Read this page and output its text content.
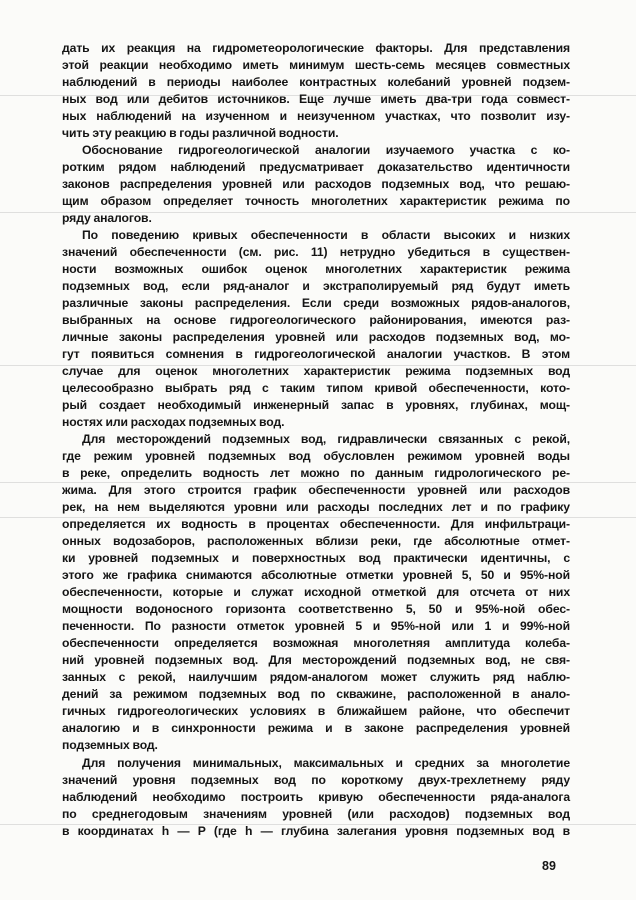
дать их реакция на гидрометеорологические факторы. Для представления
этой реакции необходимо иметь минимум шесть-семь месяцев совместных
наблюдений в периоды наиболее контрастных колебаний уровней подзем-
ных вод или дебитов источников. Еще лучше иметь два-три года совмест-
ных наблюдений на изученном и неизученном участках, что позволит изу-
чить эту реакцию в годы различной водности.
Обоснование гидрогеологической аналогии изучаемого участка с ко-
ротким рядом наблюдений предусматривает доказательство идентичности
законов распределения уровней или расходов подземных вод, что решаю-
щим образом определяет точность многолетних характеристик режима по
ряду аналогов.
По поведению кривых обеспеченности в области высоких и низких
значений обеспеченности (см. рис. 11) нетрудно убедиться в существен-
ности возможных ошибок оценок многолетних характеристик режима
подземных вод, если ряд-аналог и экстраполируемый ряд будут иметь
различные законы распределения. Если среди возможных рядов-аналогов,
выбранных на основе гидрогеологического районирования, имеются раз-
личные законы распределения уровней или расходов подземных вод, мо-
гут появиться сомнения в гидрогеологической аналогии участков. В этом
случае для оценок многолетних характеристик режима подземных вод
целесообразно выбрать ряд с таким типом кривой обеспеченности, кото-
рый создает необходимый инженерный запас в уровнях, глубинах, мощ-
ностях или расходах подземных вод.
Для месторождений подземных вод, гидравлически связанных с рекой,
где режим уровней подземных вод обусловлен режимом уровней воды
в реке, определить водность лет можно по данным гидрологического ре-
жима. Для этого строится график обеспеченности уровней или расходов
рек, на нем выделяются уровни или расходы последних лет и по графику
определяется их водность в процентах обеспеченности. Для инфильтраци-
онных водозаборов, расположенных вблизи реки, где абсолютные отмет-
ки уровней подземных и поверхностных вод практически идентичны, с
этого же графика снимаются абсолютные отметки уровней 5, 50 и 95%-ной
обеспеченности, которые и служат исходной отметкой для отсчета от них
мощности водоносного горизонта соответственно 5, 50 и 95%-ной обес-
печенности. По разности отметок уровней 5 и 95%-ной или 1 и 99%-ной
обеспеченности определяется возможная многолетняя амплитуда колеба-
ний уровней подземных вод. Для месторождений подземных вод, не свя-
занных с рекой, наилучшим рядом-аналогом может служить ряд наблю-
дений за режимом подземных вод по скважине, расположенной в анало-
гичных гидрогеологических условиях в ближайшем районе, что обеспечит
аналогию и в синхронности режима и в законе распределения уровней
подземных вод.
Для получения минимальных, максимальных и средних за многолетие
значений уровня подземных вод по короткому двух-трехлетнему ряду
наблюдений необходимо построить кривую обеспеченности ряда-аналога
по среднегодовым значениям уровней (или расходов) подземных вод
в координатах h — P (где h — глубина залегания уровня подземных вод в
89
